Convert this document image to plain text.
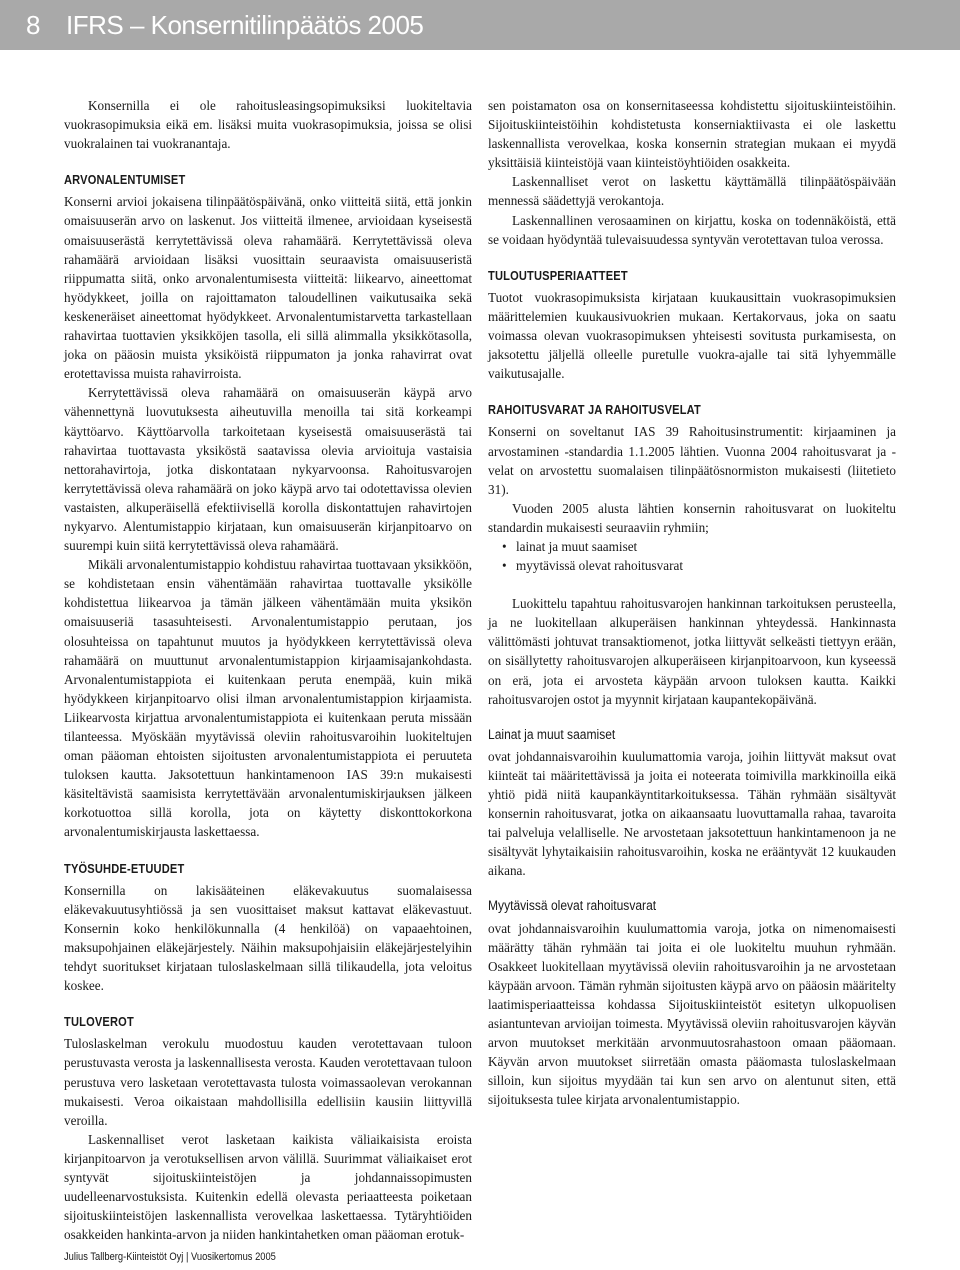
8 IFRS – Konsernitilinpäätös 2005

Konsernilla ei ole rahoitusleasingsopimuksiksi luokiteltavia vuokrasopimuksia eikä em. lisäksi muita vuokrasopimuksia, joissa se olisi vuokralainen tai vuokranantaja.

ARVONALENTUMISET

Konserni arvioi jokaisena tilinpäätöspäivänä, onko viitteitä siitä, että jonkin omaisuuserän arvo on laskenut. Jos viitteitä ilmenee, arvioidaan kyseisestä omaisuuserästä kerrytettävissä oleva rahamäärä. Kerrytettävissä oleva rahamäärä arvioidaan lisäksi vuosittain seuraavista omaisuuseristä riippumatta siitä, onko arvonalentumisesta viitteitä: liikearvo, aineettomat hyödykkeet, joilla on rajoittamaton taloudellinen vaikutusaika sekä keskeneräiset aineettomat hyödykkeet. Arvonalentumistarvetta tarkastellaan rahavirtaa tuottavien yksikköjen tasolla, eli sillä alimmalla yksikkötasolla, joka on pääosin muista yksiköistä riippumaton ja jonka rahavirrat ovat erotettavissa muista rahavirroista.

Kerrytettävissä oleva rahamäärä on omaisuuserän käypä arvo vähennettynä luovutuksesta aiheutuvilla menoilla tai sitä korkeampi käyttöarvo. Käyttöarvolla tarkoitetaan kyseisestä omaisuuserästä tai rahavirtaa tuottavasta yksiköstä saatavissa olevia arvioituja vastaisia nettorahavirtoja, jotka diskontataan nykyarvoonsa. Rahoitusvarojen kerrytettävissä oleva rahamäärä on joko käypä arvo tai odotettavissa olevien vastaisten, alkuperäisellä efektiivisellä korolla diskontattujen rahavirtojen nykyarvo. Alentumistappio kirjataan, kun omaisuuserän kirjanpitoarvo on suurempi kuin siitä kerrytettävissä oleva rahamäärä.

Mikäli arvonalentumistappio kohdistuu rahavirtaa tuottavaan yksikköön, se kohdistetaan ensin vähentämään rahavirtaa tuottavalle yksikölle kohdistettua liikearvoa ja tämän jälkeen vähentämään muita yksikön omaisuuseriä tasasuhteisesti. Arvonalentumistappio perutaan, jos olosuhteissa on tapahtunut muutos ja hyödykkeen kerrytettävissä oleva rahamäärä on muuttunut arvonalentumistappion kirjaamisajankohdasta. Arvonalentumistappiota ei kuitenkaan peruta enempää, kuin mikä hyödykkeen kirjanpitoarvo olisi ilman arvonalentumistappion kirjaamista. Liikearvosta kirjattua arvonalentumistappiota ei kuitenkaan peruta missään tilanteessa. Myöskään myytävissä oleviin rahoitusvaroihin luokiteltujen oman pääoman ehtoisten sijoitusten arvonalentumistappiota ei peruuteta tuloksen kautta. Jaksotettuun hankintamenoon IAS 39:n mukaisesti käsiteltävistä saamisista kerrytettävään arvonalentumiskirjauksen jälkeen korkotuottoa sillä korolla, jota on käytetty diskonttokorkona arvonalentumiskirjausta laskettaessa.

TYÖSUHDE-ETUUDET

Konsernilla on lakisääteinen eläkevakuutus suomalaisessa eläkevakuutusyhtiössä ja sen vuosittaiset maksut kattavat eläkevastuut. Konsernin koko henkilökunnalla (4 henkilöä) on vapaaehtoinen, maksupohjainen eläkejärjestely. Näihin maksupohjaisiin eläkejärjestelyihin tehdyt suoritukset kirjataan tuloslaskelmaan sillä tilikaudella, jota veloitus koskee.

TULOVEROT

Tuloslaskelman verokulu muodostuu kauden verotettavaan tuloon perustuvasta verosta ja laskennallisesta verosta. Kauden verotettavaan tuloon perustuva vero lasketaan verotettavasta tulosta voimassaolevan verokannan mukaisesti. Veroa oikaistaan mahdollisilla edellisiin kausiin liittyvillä veroilla.

Laskennalliset verot lasketaan kaikista väliaikaisista eroista kirjanpitoarvon ja verotuksellisen arvon välillä. Suurimmat väliaikaiset erot syntyvät sijoituskiinteistöjen ja johdannaissopimusten uudelleenarvostuksista. Kuitenkin edellä olevasta periaatteesta poiketaan sijoituskiinteistöjen laskennallista verovelkaa laskettaessa. Tytäryhtiöiden osakkeiden hankinta-arvon ja niiden hankintahetken oman pääoman erotuk-

sen poistamaton osa on konsernitaseessa kohdistettu sijoituskiinteistöihin. Sijoituskiinteistöihin kohdistetusta konserniaktiivasta ei ole laskettu laskennallista verovelkaa, koska konsernin strategian mukaan ei myydä yksittäisiä kiinteistöjä vaan kiinteistöyhtiöiden osakkeita.

Laskennalliset verot on laskettu käyttämällä tilinpäätöspäivään mennessä säädettyjä verokantoja.

Laskennallinen verosaaminen on kirjattu, koska on todennäköistä, että se voidaan hyödyntää tulevaisuudessa syntyvän verotettavan tuloa verossa.

TULOUTUSPERIAATTEET

Tuotot vuokrasopimuksista kirjataan kuukausittain vuokrasopimuksien määrittelemien kuukausivuokrien mukaan. Kertakorvaus, joka on saatu voimassa olevan vuokrasopimuksen yhteisesti sovitusta purkamisesta, on jaksotettu jäljellä olleelle puretulle vuokra-ajalle tai sitä lyhyemmälle vaikutusajalle.

RAHOITUSVARAT JA RAHOITUSVELAT

Konserni on soveltanut IAS 39 Rahoitusinstrumentit: kirjaaminen ja arvostaminen -standardia 1.1.2005 lähtien. Vuonna 2004 rahoitusvarat ja -velat on arvostettu suomalaisen tilinpäätösnormiston mukaisesti (liitetieto 31).

Vuoden 2005 alusta lähtien konsernin rahoitusvarat on luokiteltu standardin mukaisesti seuraaviin ryhmiin;

• lainat ja muut saamiset
• myytävissä olevat rahoitusvarat

Luokittelu tapahtuu rahoitusvarojen hankinnan tarkoituksen perusteella, ja ne luokitellaan alkuperäisen hankinnan yhteydessä. Hankinnasta välittömästi johtuvat transaktiomenot, jotka liittyvät selkeästi tiettyyn erään, on sisällytetty rahoitusvarojen alkuperäiseen kirjanpitoarvoon, kun kyseessä on erä, jota ei arvosteta käypään arvoon tuloksen kautta. Kaikki rahoitusvarojen ostot ja myynnit kirjataan kaupantekopäivänä.

Lainat ja muut saamiset

ovat johdannaisvaroihin kuulumattomia varoja, joihin liittyvät maksut ovat kiinteät tai määritettävissä ja joita ei noteerata toimivilla markkinoilla eikä yhtiö pidä niitä kaupankäyntitarkoituksessa. Tähän ryhmään sisältyvät konsernin rahoitusvarat, jotka on aikaansaatu luovuttamalla rahaa, tavaroita tai palveluja velalliselle. Ne arvostetaan jaksotettuun hankintamenoon ja ne sisältyvät lyhytaikaisiin rahoitusvaroihin, koska ne erääntyvät 12 kuukauden aikana.

Myytävissä olevat rahoitusvarat

ovat johdannaisvaroihin kuulumattomia varoja, jotka on nimenomaisesti määrätty tähän ryhmään tai joita ei ole luokiteltu muuhun ryhmään. Osakkeet luokitellaan myytävissä oleviin rahoitusvaroihin ja ne arvostetaan käypään arvoon. Tämän ryhmän sijoitusten käypä arvo on pääosin määritelty laatimisperiaatteissa kohdassa Sijoituskiinteistöt esitetyn ulkopuolisen asiantuntevan arvioijan toimesta. Myytävissä oleviin rahoitusvarojen käyvän arvon muutokset merkitään arvonmuutosrahastoon omaan pääomaan. Käyvän arvon muutokset siirretään omasta pääomasta tuloslaskelmaan silloin, kun sijoitus myydään tai kun sen arvo on alentunut siten, että sijoituksesta tulee kirjata arvonalentumistappio.

Julius Tallberg-Kiinteistöt Oyj | Vuosikertomus 2005
